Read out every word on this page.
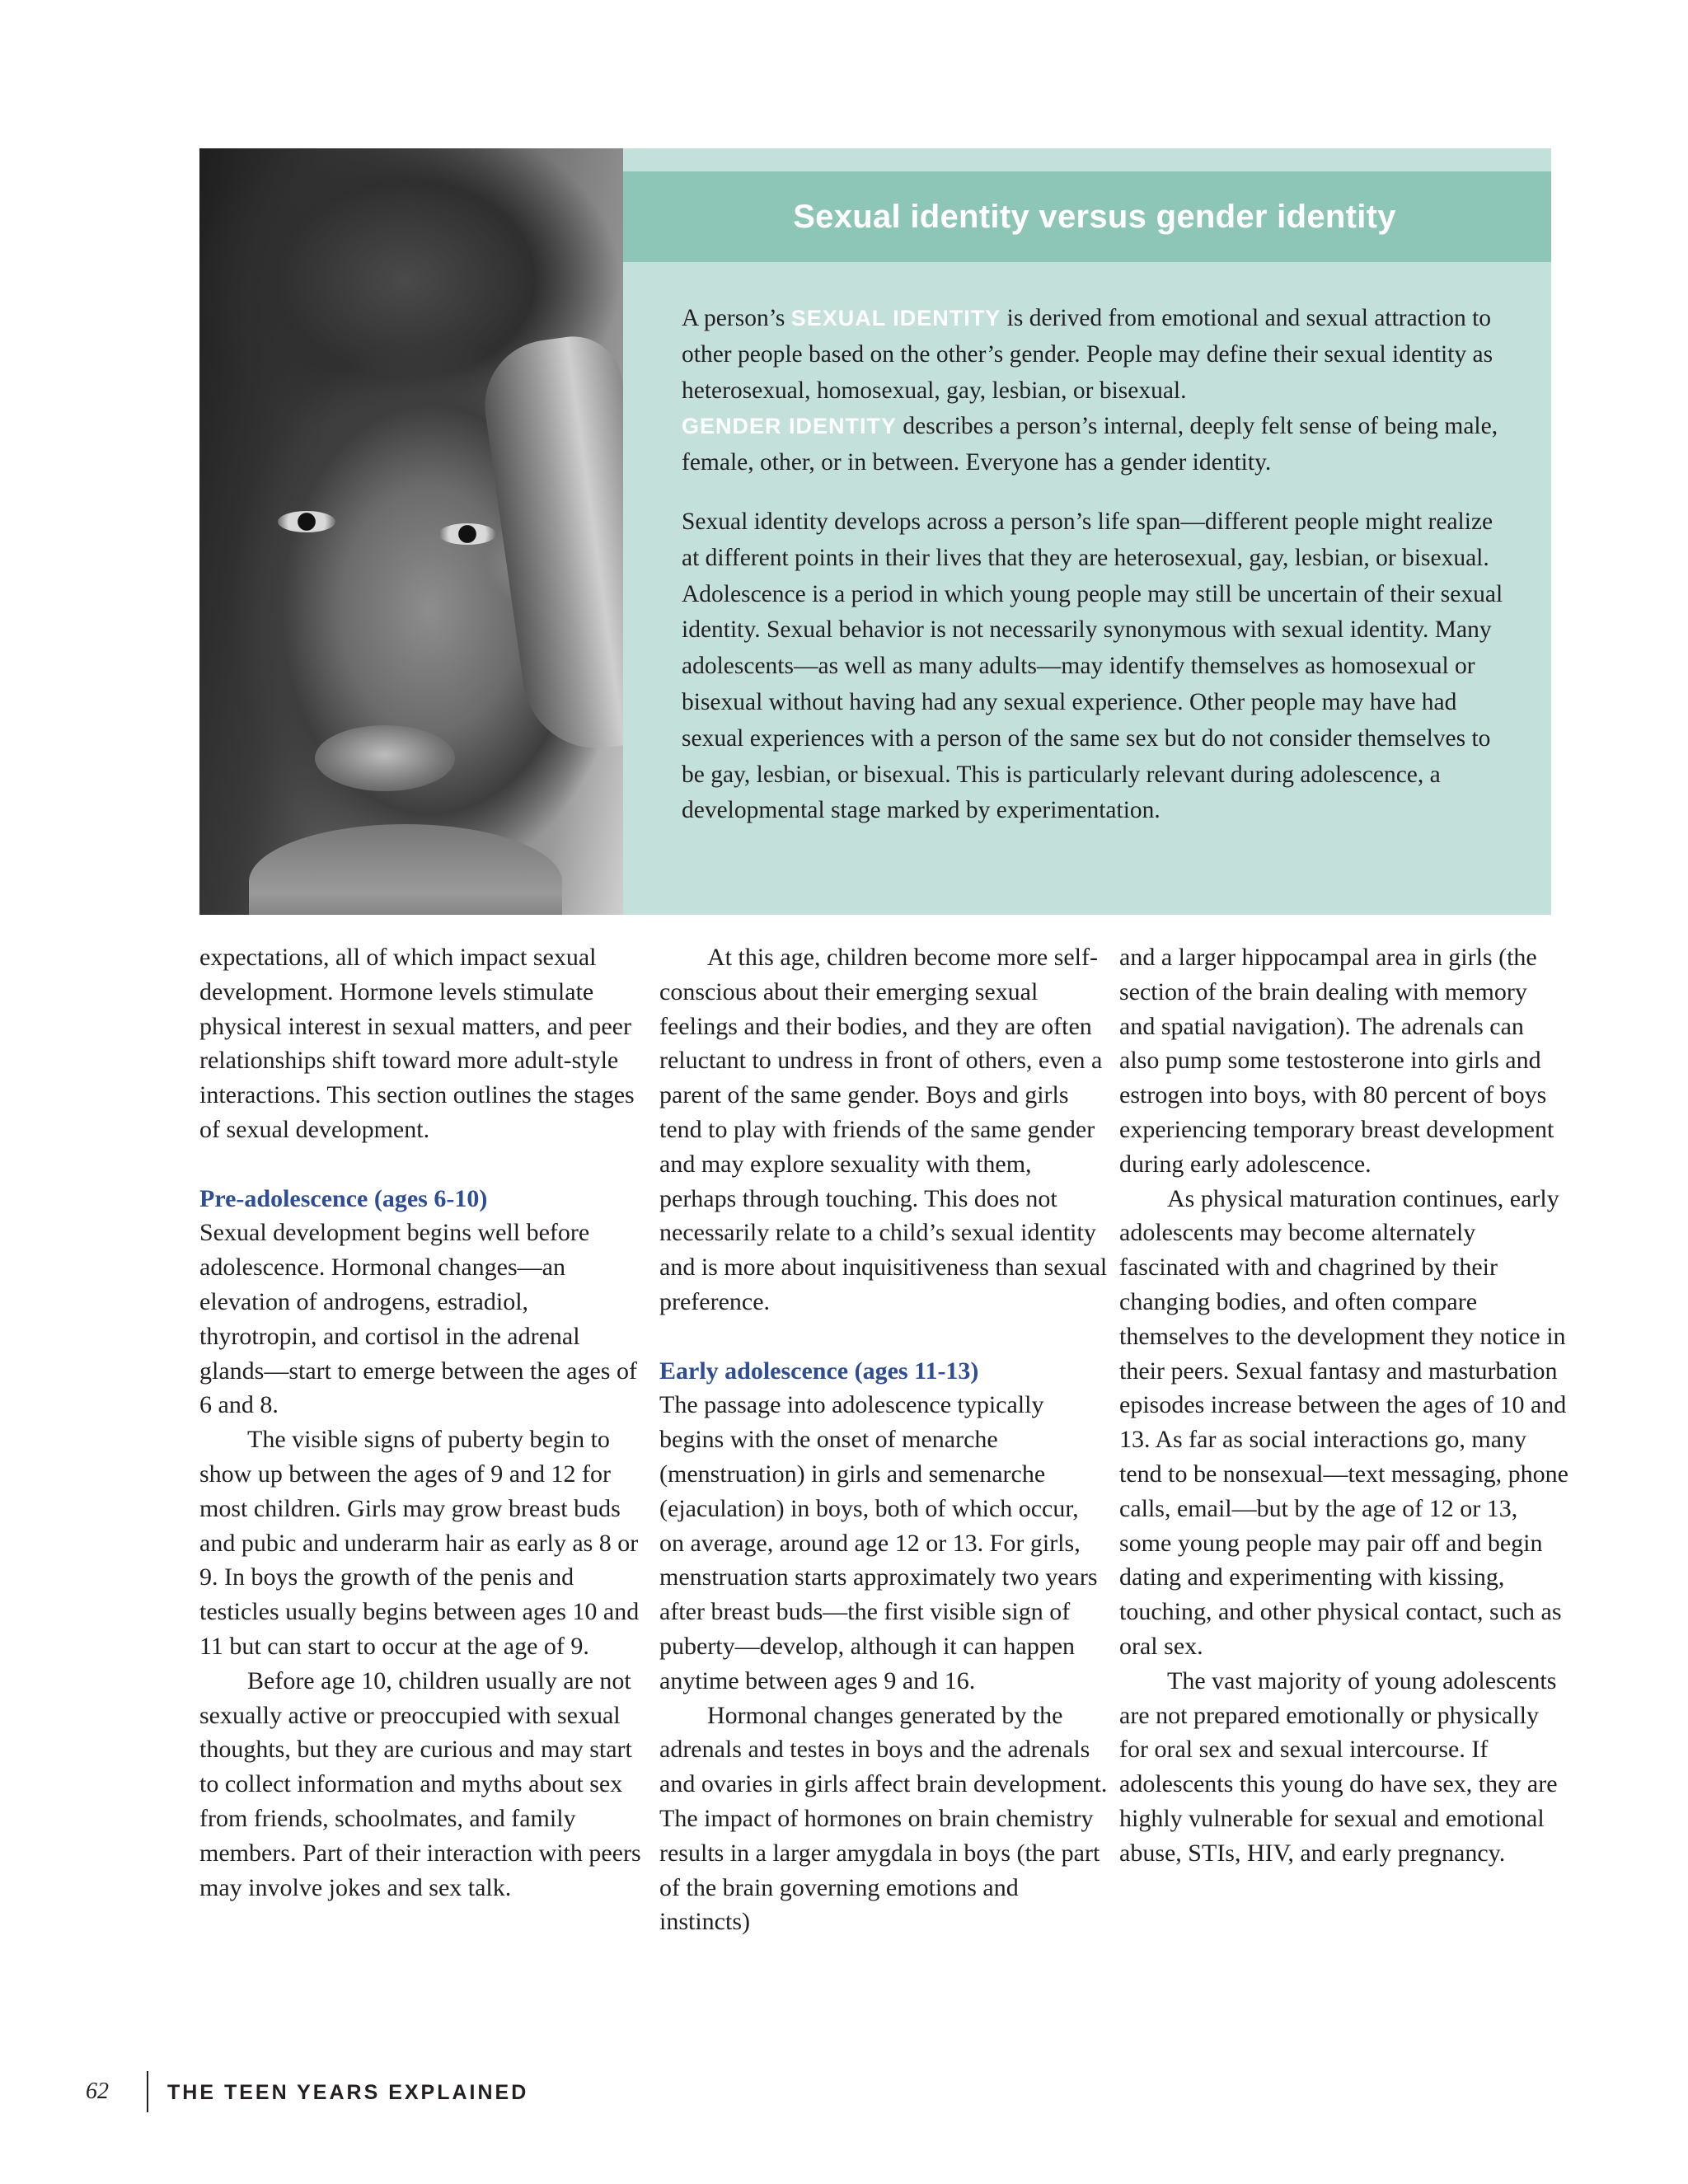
Sexual identity versus gender identity

A person’s SEXUAL IDENTITY is derived from emotional and sexual attraction to other people based on the other’s gender. People may define their sexual identity as heterosexual, homosexual, gay, lesbian, or bisexual.
GENDER IDENTITY describes a person’s internal, deeply felt sense of being male, female, other, or in between. Everyone has a gender identity.

Sexual identity develops across a person’s life span—different people might realize at different points in their lives that they are heterosexual, gay, lesbian, or bisexual. Adolescence is a period in which young people may still be uncertain of their sexual identity. Sexual behavior is not necessarily synonymous with sexual identity. Many adolescents—as well as many adults—may identify themselves as homosexual or bisexual without having had any sexual experience. Other people may have had sexual experiences with a person of the same sex but do not consider themselves to be gay, lesbian, or bisexual. This is particularly relevant during adolescence, a developmental stage marked by experimentation.

expectations, all of which impact sexual development. Hormone levels stimulate physical interest in sexual matters, and peer relationships shift toward more adult-style interactions. This section outlines the stages of sexual development.

Pre-adolescence (ages 6-10)

Sexual development begins well before adolescence. Hormonal changes—an elevation of androgens, estradiol, thyrotropin, and cortisol in the adrenal glands—start to emerge between the ages of 6 and 8.

The visible signs of puberty begin to show up between the ages of 9 and 12 for most children. Girls may grow breast buds and pubic and underarm hair as early as 8 or 9. In boys the growth of the penis and testicles usually begins between ages 10 and 11 but can start to occur at the age of 9.

Before age 10, children usually are not sexually active or preoccupied with sexual thoughts, but they are curious and may start to collect information and myths about sex from friends, schoolmates, and family members. Part of their interaction with peers may involve jokes and sex talk.

At this age, children become more self-conscious about their emerging sexual feelings and their bodies, and they are often reluctant to undress in front of others, even a parent of the same gender. Boys and girls tend to play with friends of the same gender and may explore sexuality with them, perhaps through touching. This does not necessarily relate to a child’s sexual identity and is more about inquisitiveness than sexual preference.

Early adolescence (ages 11-13)

The passage into adolescence typically begins with the onset of menarche (menstruation) in girls and semenarche (ejaculation) in boys, both of which occur, on average, around age 12 or 13. For girls, menstruation starts approximately two years after breast buds—the first visible sign of puberty—develop, although it can happen anytime between ages 9 and 16.

Hormonal changes generated by the adrenals and testes in boys and the adrenals and ovaries in girls affect brain development. The impact of hormones on brain chemistry results in a larger amygdala in boys (the part of the brain governing emotions and instincts)

and a larger hippocampal area in girls (the section of the brain dealing with memory and spatial navigation). The adrenals can also pump some testosterone into girls and estrogen into boys, with 80 percent of boys experiencing temporary breast development during early adolescence.

As physical maturation continues, early adolescents may become alternately fascinated with and chagrined by their changing bodies, and often compare themselves to the development they notice in their peers. Sexual fantasy and masturbation episodes increase between the ages of 10 and 13. As far as social interactions go, many tend to be nonsexual—text messaging, phone calls, email—but by the age of 12 or 13, some young people may pair off and begin dating and experimenting with kissing, touching, and other physical contact, such as oral sex.

The vast majority of young adolescents are not prepared emotionally or physically for oral sex and sexual intercourse. If adolescents this young do have sex, they are highly vulnerable for sexual and emotional abuse, STIs, HIV, and early pregnancy.

62	THE TEEN YEARS EXPLAINED
